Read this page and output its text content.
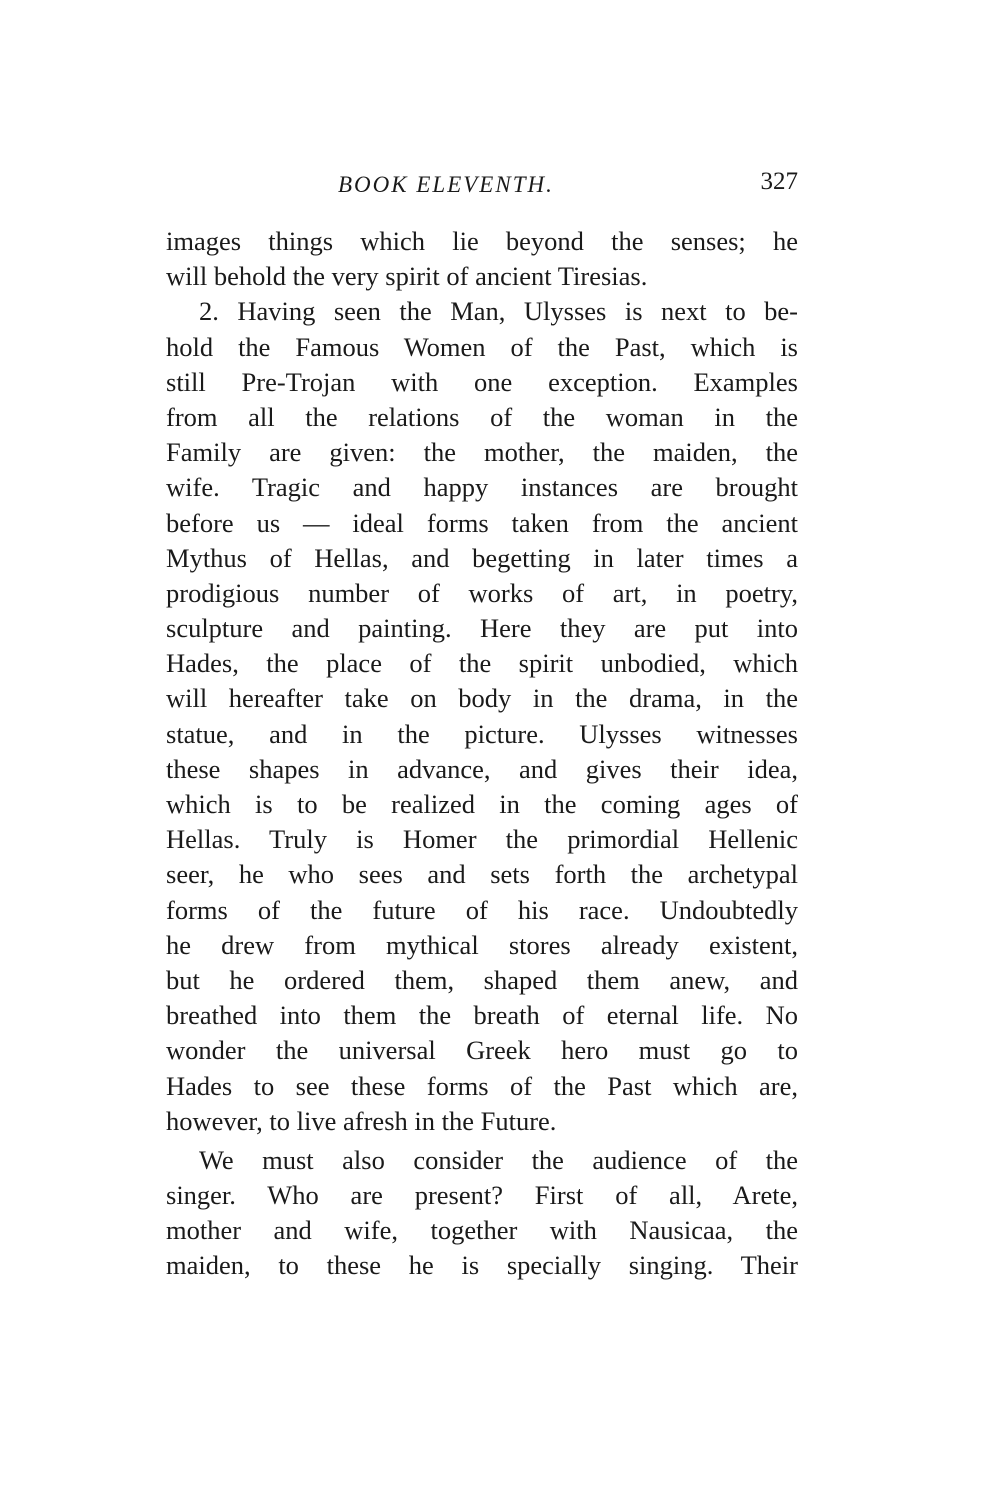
BOOK ELEVENTH.	327
images things which lie beyond the senses; he
will behold the very spirit of ancient Tiresias.
2. Having seen the Man, Ulysses is next to be-
hold the Famous Women of the Past, which is
still Pre-Trojan with one exception. Examples
from all the relations of the woman in the
Family are given: the mother, the maiden, the
wife. Tragic and happy instances are brought
before us — ideal forms taken from the ancient
Mythus of Hellas, and begetting in later times a
prodigious number of works of art, in poetry,
sculpture and painting. Here they are put into
Hades, the place of the spirit unbodied, which
will hereafter take on body in the drama, in the
statue, and in the picture. Ulysses witnesses
these shapes in advance, and gives their idea,
which is to be realized in the coming ages of
Hellas. Truly is Homer the primordial Hellenic
seer, he who sees and sets forth the archetypal
forms of the future of his race. Undoubtedly
he drew from mythical stores already existent,
but he ordered them, shaped them anew, and
breathed into them the breath of eternal life. No
wonder the universal Greek hero must go to
Hades to see these forms of the Past which are,
however, to live afresh in the Future.
We must also consider the audience of the
singer. Who are present? First of all, Arete,
mother and wife, together with Nausicaa, the
maiden, to these he is specially singing. Their
